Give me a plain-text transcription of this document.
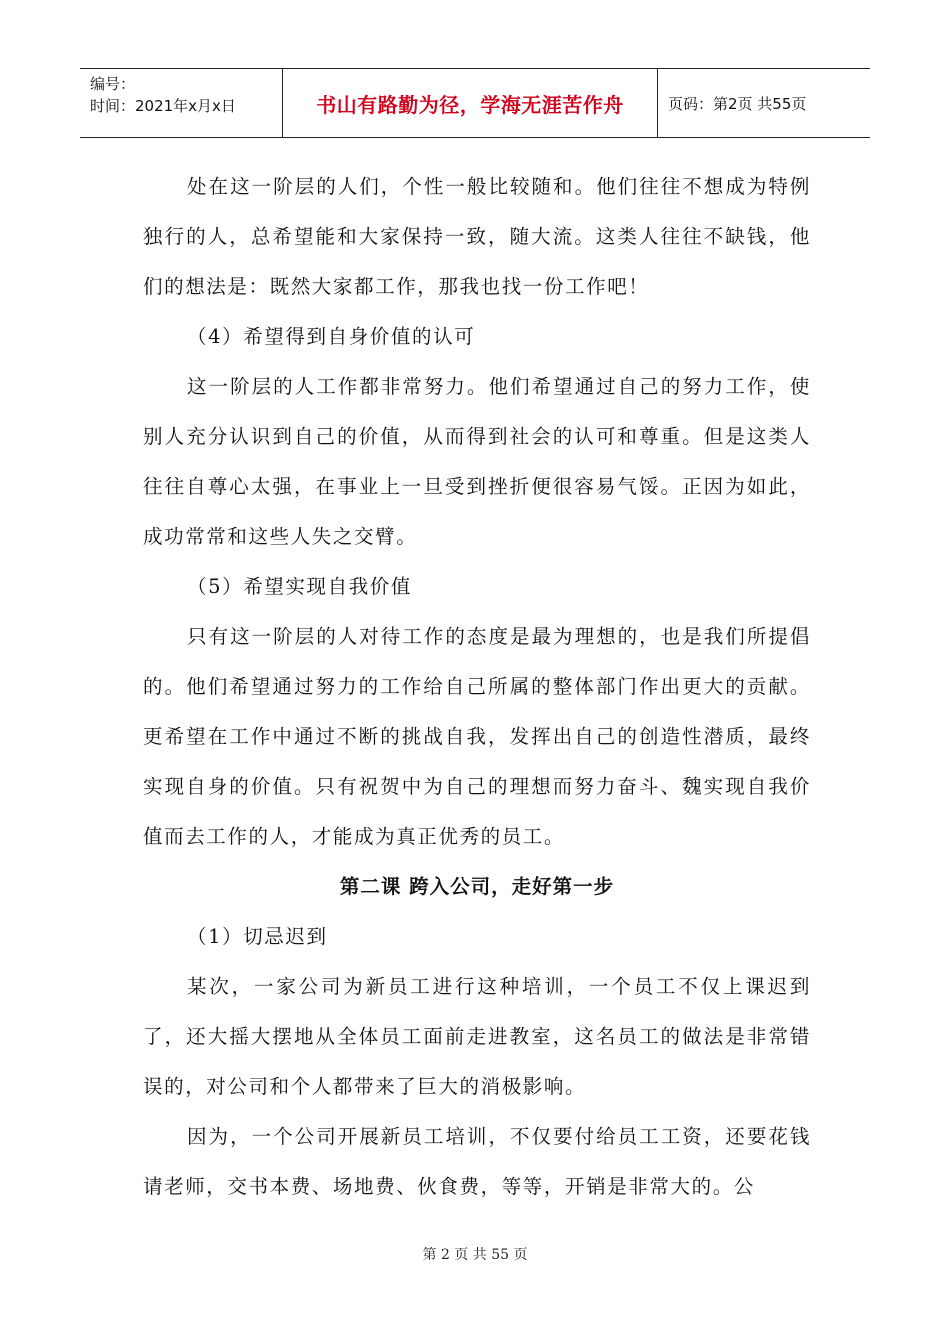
编号：
时间：2021年x月x日	书山有路勤为径，学海无涯苦作舟	页码：第2页 共55页

处在这一阶层的人们，个性一般比较随和。他们往往不想成为特例独行的人，总希望能和大家保持一致，随大流。这类人往往不缺钱，他们的想法是：既然大家都工作，那我也找一份工作吧！

（4）希望得到自身价值的认可

这一阶层的人工作都非常努力。他们希望通过自己的努力工作，使别人充分认识到自己的价值，从而得到社会的认可和尊重。但是这类人往往自尊心太强，在事业上一旦受到挫折便很容易气馁。正因为如此，成功常常和这些人失之交臂。

（5）希望实现自我价值

只有这一阶层的人对待工作的态度是最为理想的，也是我们所提倡的。他们希望通过努力的工作给自己所属的整体部门作出更大的贡献。更希望在工作中通过不断的挑战自我，发挥出自己的创造性潜质，最终实现自身的价值。只有祝贺中为自己的理想而努力奋斗、魏实现自我价值而去工作的人，才能成为真正优秀的员工。

第二课 跨入公司，走好第一步

（1）切忌迟到

某次，一家公司为新员工进行这种培训，一个员工不仅上课迟到了，还大摇大摆地从全体员工面前走进教室，这名员工的做法是非常错误的，对公司和个人都带来了巨大的消极影响。

因为，一个公司开展新员工培训，不仅要付给员工工资，还要花钱请老师，交书本费、场地费、伙食费，等等，开销是非常大的。公

第 2 页 共 55 页
